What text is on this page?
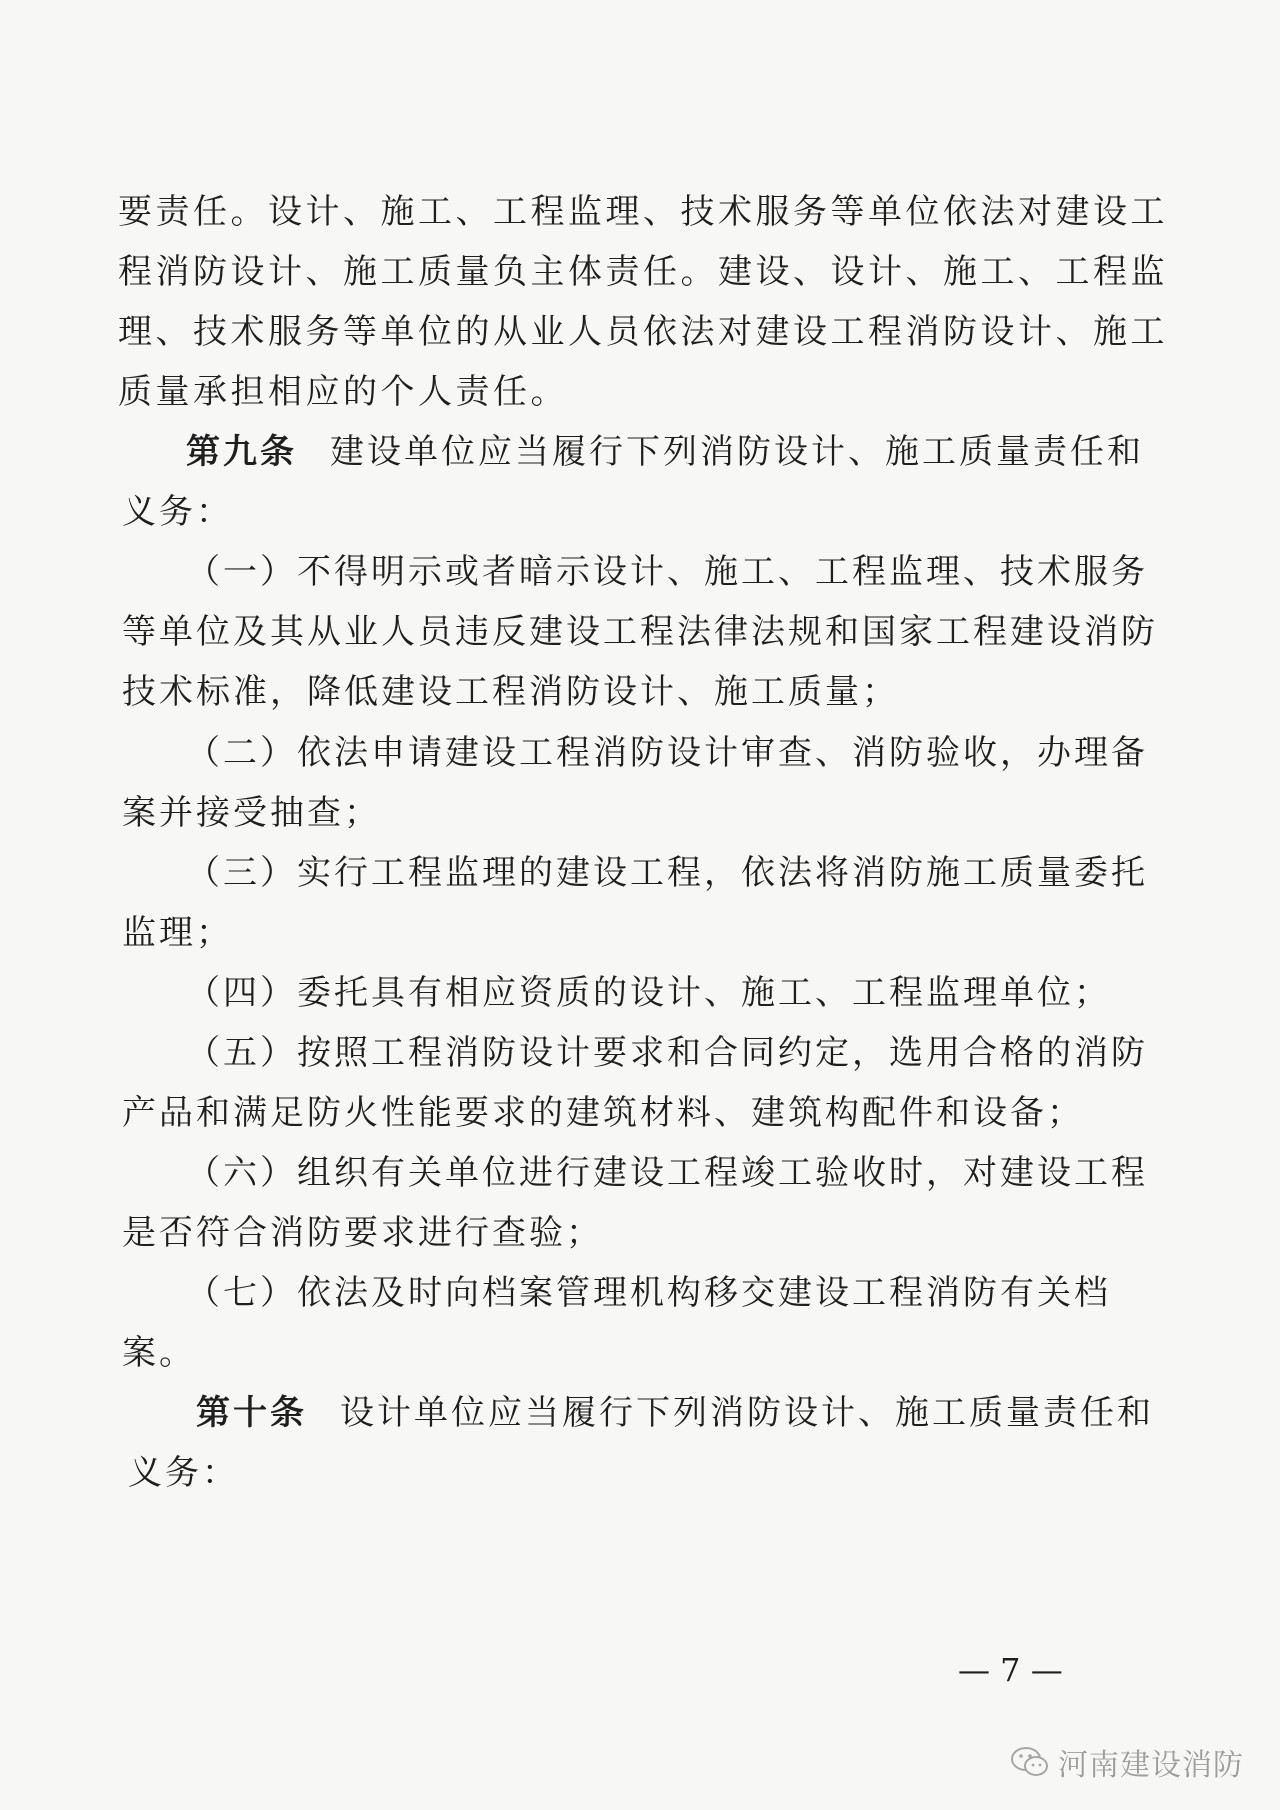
要责任。设计、施工、工程监理、技术服务等单位依法对建设工
程消防设计、施工质量负主体责任。建设、设计、施工、工程监
理、技术服务等单位的从业人员依法对建设工程消防设计、施工
质量承担相应的个人责任。
第九条 建设单位应当履行下列消防设计、施工质量责任和
义务：
（一）不得明示或者暗示设计、施工、工程监理、技术服务
等单位及其从业人员违反建设工程法律法规和国家工程建设消防
技术标准，降低建设工程消防设计、施工质量；
（二）依法申请建设工程消防设计审查、消防验收，办理备
案并接受抽查；
（三）实行工程监理的建设工程，依法将消防施工质量委托
监理；
（四）委托具有相应资质的设计、施工、工程监理单位；
（五）按照工程消防设计要求和合同约定，选用合格的消防
产品和满足防火性能要求的建筑材料、建筑构配件和设备；
（六）组织有关单位进行建设工程竣工验收时，对建设工程
是否符合消防要求进行查验；
（七）依法及时向档案管理机构移交建设工程消防有关档
案。
第十条 设计单位应当履行下列消防设计、施工质量责任和
义务：
— 7 —
河南建设消防
